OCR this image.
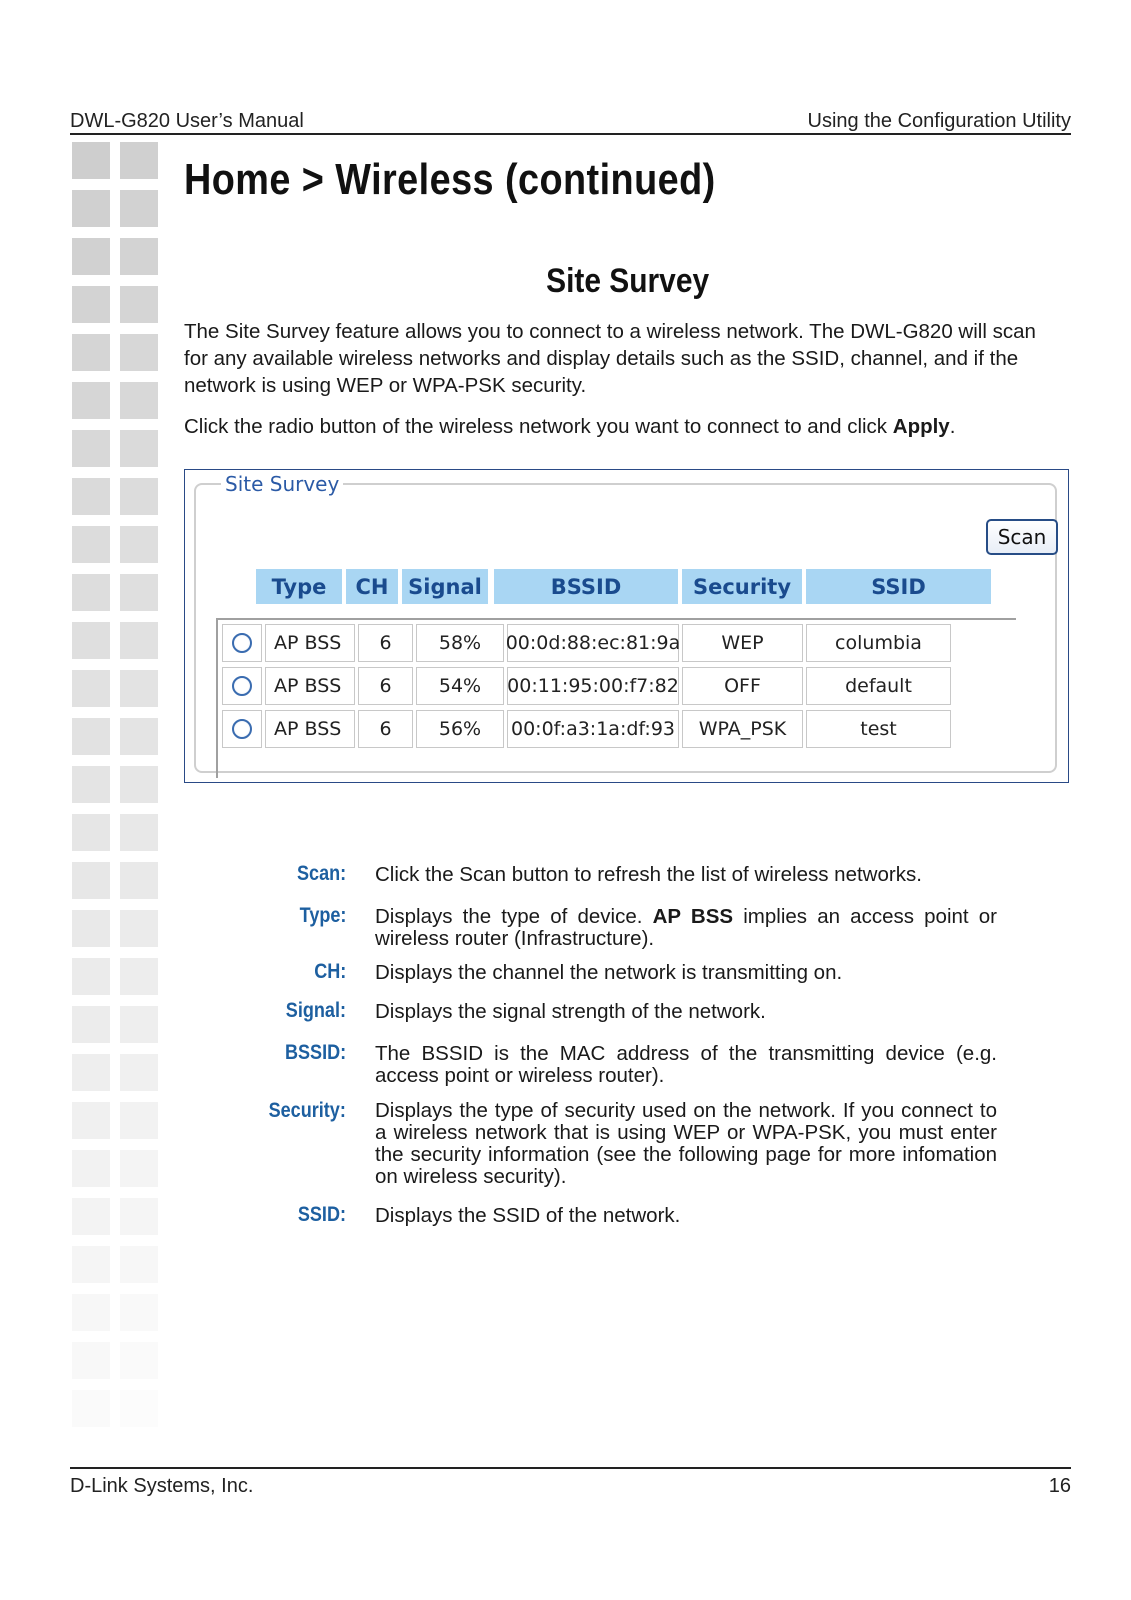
DWL-G820 User’s Manual	Using the Configuration Utility
Home > Wireless (continued)
Site Survey
The Site Survey feature allows you to connect to a wireless network. The DWL-G820 will scan for any available wireless networks and display details such as the SSID, channel, and if the network is using WEP or WPA-PSK security.
Click the radio button of the wireless network you want to connect to and click Apply.
Site Survey
Scan
Type	CH Signal	BSSID	Security	SSID
AP BSS	6	58%	00:0d:88:ec:81:9a	WEP	columbia
AP BSS	6	54%	00:11:95:00:f7:82	OFF	default
AP BSS	6	56%	00:0f:a3:1a:df:93	WPA_PSK	test
Scan: Click the Scan button to refresh the list of wireless networks.
Type: Displays the type of device. AP BSS implies an access point or wireless router (Infrastructure).
CH: Displays the channel the network is transmitting on.
Signal: Displays the signal strength of the network.
BSSID: The BSSID is the MAC address of the transmitting device (e.g. access point or wireless router).
Security: Displays the type of security used on the network. If you connect to a wireless network that is using WEP or WPA-PSK, you must enter the security information (see the following page for more infomation on wireless security).
SSID: Displays the SSID of the network.
D-Link Systems, Inc.	16
